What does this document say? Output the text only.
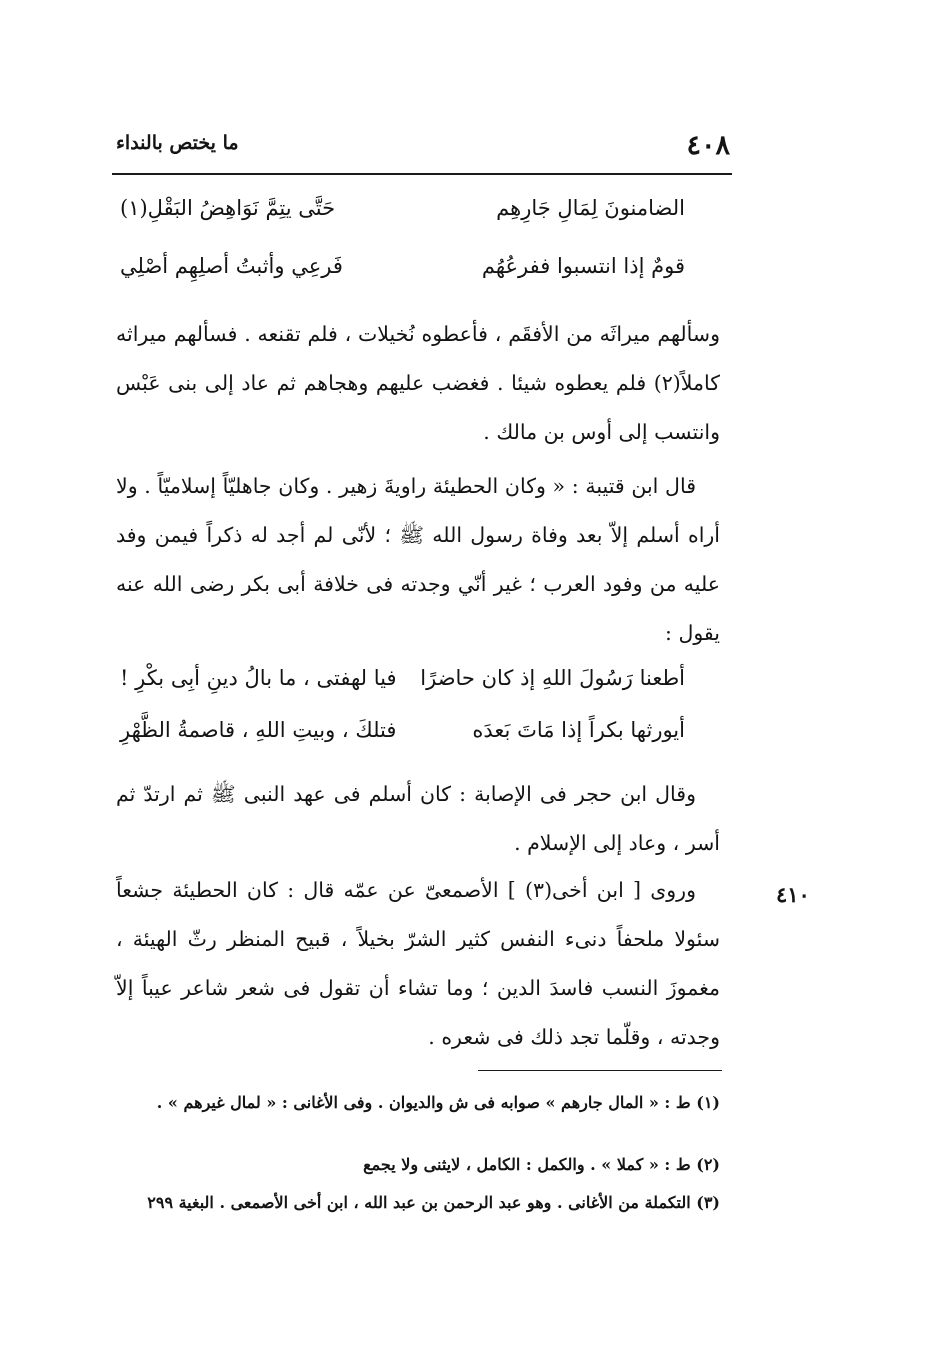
ما يختص بالنداء	٤٠٨
الضامنونَ لِمَالِ جَارِهِم
حَتَّى يتِمَّ نَوَاهِضُ البَقْلِ(١)
قومٌ إذا انتسبوا ففرعُهُم
فَرعِي وأثبتُ أصلِهِم أصْلِي

وسألهم ميراثَه من الأفقَم ، فأعطوه نُخيلات ، فلم تقنعه . فسألهم ميراثه كاملاً(٢) فلم يعطوه شيئا . فغضب عليهم وهجاهم ثم عاد إلى بنى عَبْس وانتسب إلى أوس بن مالك .

قال ابن قتيبة : « وكان الحطيئة راويةَ زهير . وكان جاهليّاً إسلاميّاً . ولا أراه أسلم إلاّ بعد وفاة رسول الله ﷺ ؛ لأنّى لم أجد له ذكراً فيمن وفد عليه من وفود العرب ؛ غير أنّي وجدته فى خلافة أبى بكر رضى الله عنه يقول :

أطعنا رَسُولَ اللهِ إذ كان حاضرًا
فيا لهفتى ، ما بالُ دينِ أبِى بكْرِ !
أيورثها بكراً إذا مَاتَ بَعدَه
فتلكَ ، وبيتِ اللهِ ، قاصمةُ الظَّهْرِ

وقال ابن حجر فى الإصابة : كان أسلم فى عهد النبى ﷺ ثم ارتدّ ثم أسر ، وعاد إلى الإسلام .

٤١٠

وروى [ ابن أخى(٣) ] الأصمعىّ عن عمّه قال : كان الحطيئة جشعاً سئولا ملحفاً دنىء النفس كثير الشرّ بخيلاً ، قبيح المنظر رثّ الهيئة ، مغموزَ النسب فاسدَ الدين ؛ وما تشاء أن تقول فى شعر شاعر عيباً إلاّ وجدته ، وقلّما تجد ذلك فى شعره .

(١) ط : « المال جارهم » صوابه فى ش والديوان . وفى الأغانى : « لمال غيرهم » .

(٢) ط : « كملا » . والكمل : الكامل ، لايثنى ولا يجمع

(٣) التكملة من الأغانى . وهو عبد الرحمن بن عبد الله ، ابن أخى الأصمعى . البغية ٢٩٩
